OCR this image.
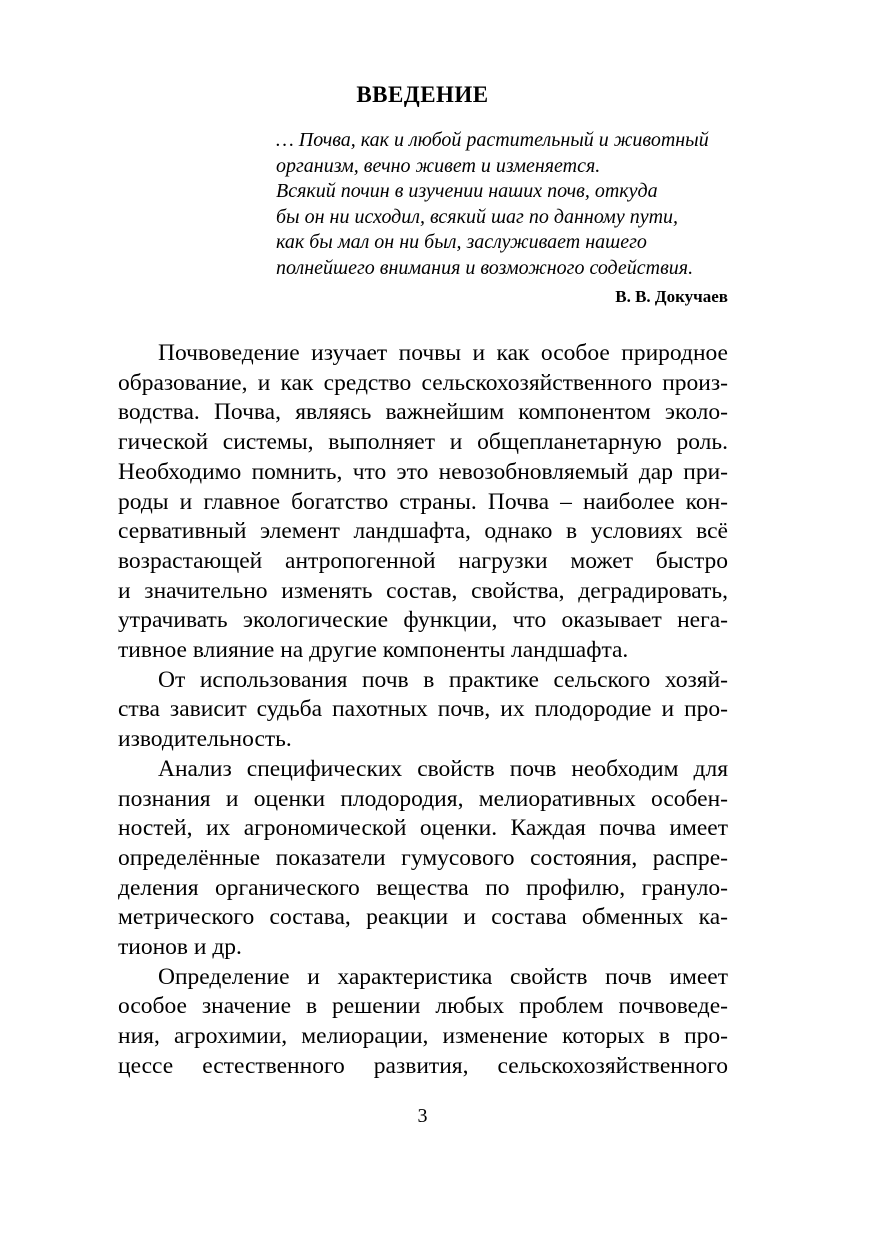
ВВЕДЕНИЕ
… Почва, как и любой растительный и животный
организм, вечно живет и изменяется.
Всякий почин в изучении наших почв, откуда
бы он ни исходил, всякий шаг по данному пути,
как бы мал он ни был, заслуживает нашего
полнейшего внимания и возможного содействия.
В. В. Докучаев
Почвоведение изучает почвы и как особое природное
образование, и как средство сельскохозяйственного произ-
водства. Почва, являясь важнейшим компонентом эколо-
гической системы, выполняет и общепланетарную роль.
Необходимо помнить, что это невозобновляемый дар при-
роды и главное богатство страны. Почва – наиболее кон-
сервативный элемент ландшафта, однако в условиях всё
возрастающей антропогенной нагрузки может быстро
и значительно изменять состав, свойства, деградировать,
утрачивать экологические функции, что оказывает нега-
тивное влияние на другие компоненты ландшафта.
От использования почв в практике сельского хозяй-
ства зависит судьба пахотных почв, их плодородие и про-
изводительность.
Анализ специфических свойств почв необходим для
познания и оценки плодородия, мелиоративных особен-
ностей, их агрономической оценки. Каждая почва имеет
определённые показатели гумусового состояния, распре-
деления органического вещества по профилю, грануло-
метрического состава, реакции и состава обменных ка-
тионов и др.
Определение и характеристика свойств почв имеет
особое значение в решении любых проблем почвоведе-
ния, агрохимии, мелиорации, изменение которых в про-
цессе естественного развития, сельскохозяйственного
3
